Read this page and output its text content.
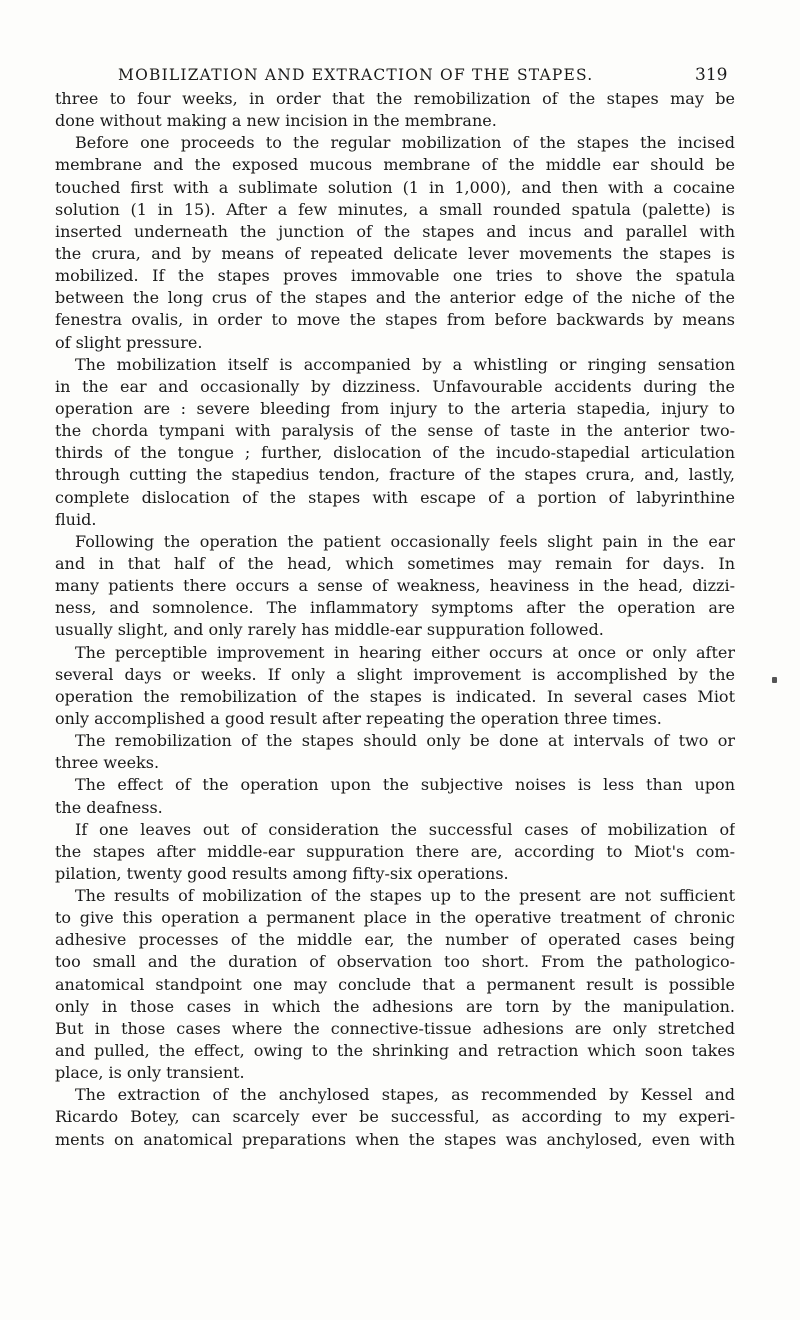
MOBILIZATION AND EXTRACTION OF THE STAPES.	319
three to four weeks, in order that the remobilization of the stapes may be
done without making a new incision in the membrane.
Before one proceeds to the regular mobilization of the stapes the incised
membrane and the exposed mucous membrane of the middle ear should be
touched first with a sublimate solution (1 in 1,000), and then with a cocaine
solution (1 in 15). After a few minutes, a small rounded spatula (palette) is
inserted underneath the junction of the stapes and incus and parallel with
the crura, and by means of repeated delicate lever movements the stapes is
mobilized. If the stapes proves immovable one tries to shove the spatula
between the long crus of the stapes and the anterior edge of the niche of the
fenestra ovalis, in order to move the stapes from before backwards by means
of slight pressure.
The mobilization itself is accompanied by a whistling or ringing sensation
in the ear and occasionally by dizziness. Unfavourable accidents during the
operation are : severe bleeding from injury to the arteria stapedia, injury to
the chorda tympani with paralysis of the sense of taste in the anterior two-
thirds of the tongue ; further, dislocation of the incudo-stapedial articulation
through cutting the stapedius tendon, fracture of the stapes crura, and, lastly,
complete dislocation of the stapes with escape of a portion of labyrinthine
fluid.
Following the operation the patient occasionally feels slight pain in the ear
and in that half of the head, which sometimes may remain for days. In
many patients there occurs a sense of weakness, heaviness in the head, dizzi-
ness, and somnolence. The inflammatory symptoms after the operation are
usually slight, and only rarely has middle-ear suppuration followed.
The perceptible improvement in hearing either occurs at once or only after
several days or weeks. If only a slight improvement is accomplished by the
operation the remobilization of the stapes is indicated. In several cases Miot
only accomplished a good result after repeating the operation three times.
The remobilization of the stapes should only be done at intervals of two or
three weeks.
The effect of the operation upon the subjective noises is less than upon
the deafness.
If one leaves out of consideration the successful cases of mobilization of
the stapes after middle-ear suppuration there are, according to Miot's com-
pilation, twenty good results among fifty-six operations.
The results of mobilization of the stapes up to the present are not sufficient
to give this operation a permanent place in the operative treatment of chronic
adhesive processes of the middle ear, the number of operated cases being
too small and the duration of observation too short. From the pathologico-
anatomical standpoint one may conclude that a permanent result is possible
only in those cases in which the adhesions are torn by the manipulation.
But in those cases where the connective-tissue adhesions are only stretched
and pulled, the effect, owing to the shrinking and retraction which soon takes
place, is only transient.
The extraction of the anchylosed stapes, as recommended by Kessel and
Ricardo Botey, can scarcely ever be successful, as according to my experi-
ments on anatomical preparations when the stapes was anchylosed, even with
